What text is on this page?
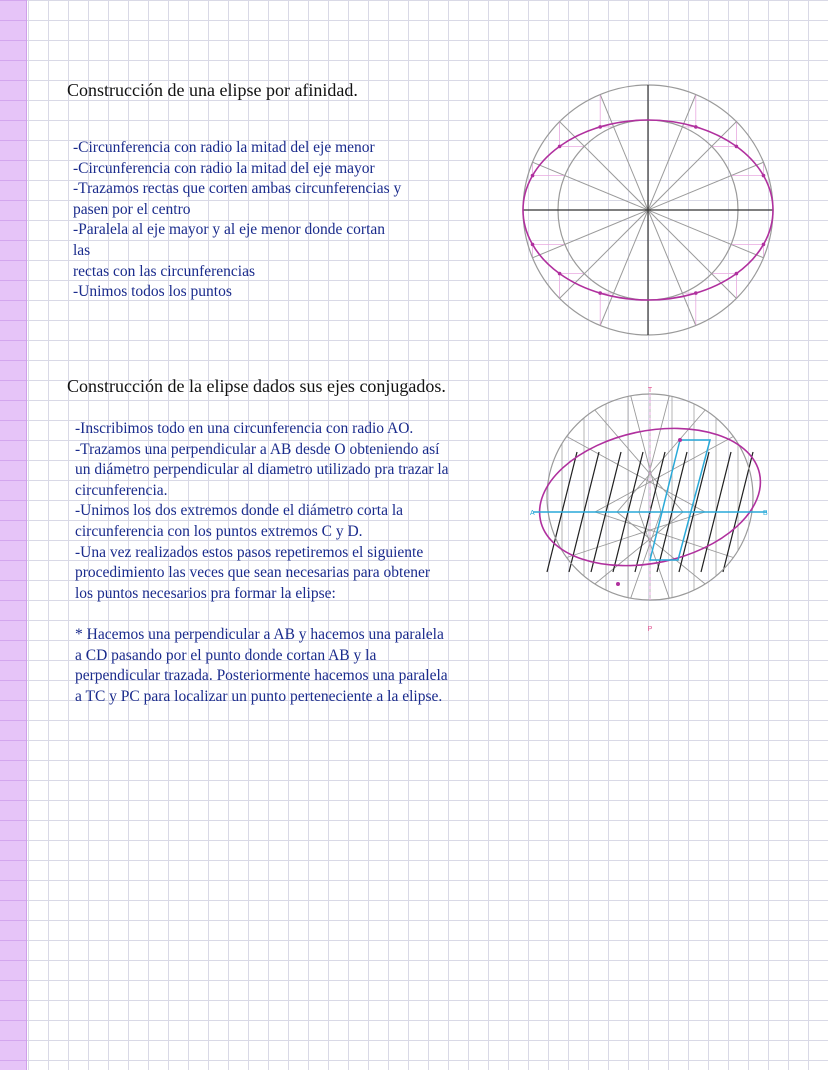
Construcción de una elipse por afinidad.

-Circunferencia con radio la mitad del eje menor
-Circunferencia con radio la mitad del eje mayor
-Trazamos rectas que corten ambas circunferencias y
pasen por el centro
-Paralela al eje mayor y al eje menor donde cortan
las
rectas con las circunferencias
-Unimos todos los puntos

Construcción de la elipse dados sus ejes conjugados.

-Inscribimos todo en una circunferencia con radio AO.
-Trazamos una perpendicular a AB desde O obteniendo así
un diámetro perpendicular al diametro utilizado pra trazar la
circunferencia.
-Unimos los dos extremos donde el diámetro corta la
circunferencia con los puntos extremos C y D.
-Una vez realizados estos pasos repetiremos el siguiente
procedimiento las veces que sean necesarias para obtener
los puntos necesarios pra formar la elipse:

* Hacemos una perpendicular a AB y hacemos una paralela
a CD pasando por el punto donde cortan AB y la
perpendicular trazada. Posteriormente hacemos una paralela
a TC y PC para localizar un punto perteneciente a la elipse.

T
P
A	B
